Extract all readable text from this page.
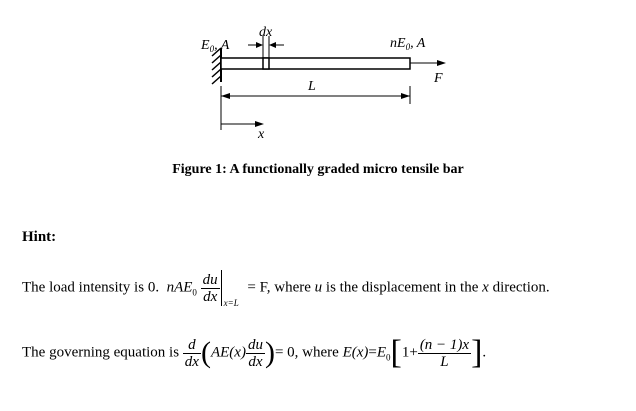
$E_0$, A
dx
$nE_0$, A
F
L
x
Figure 1: A functionally graded micro tensile bar
Hint:
The load intensity is 0. $nAE_0 \frac{du}{dx} x=L$
= F, where u is the displacement in the x direction.
The governing equation is $\frac{d}{dx} (AE(x) \frac{du}{dx}$ )= 0, where $E(x)=E_0[1+ \frac{(n - 1)x}{L}$ ].
